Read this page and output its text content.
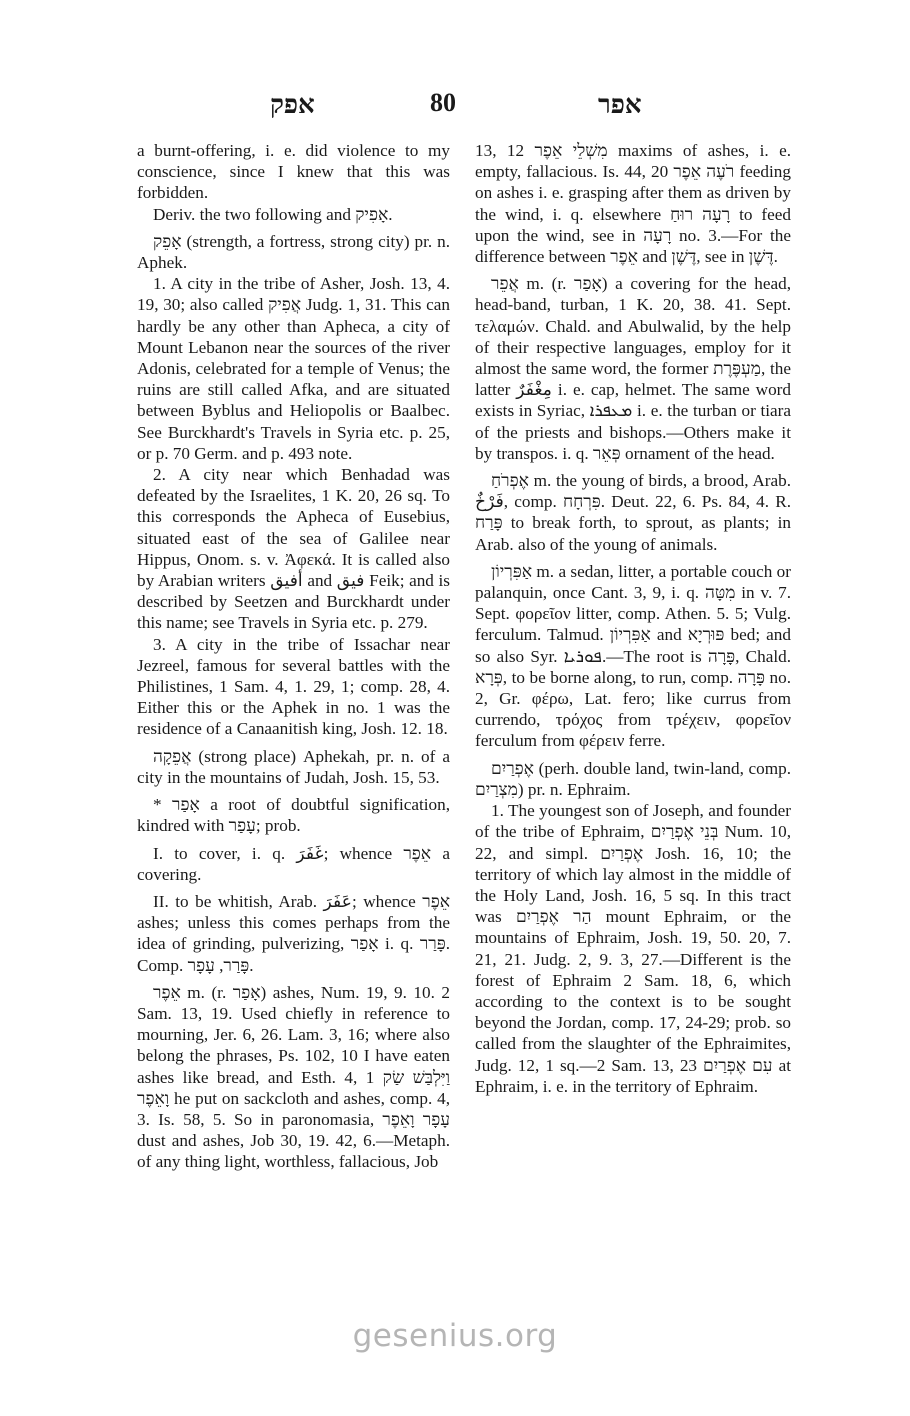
אפק	80	אפר

a burnt-offering, i. e. did violence to my conscience, since I knew that this was forbidden.

Deriv. the two following and אָפִיק.

אָפֵק (strength, a fortress, strong city) pr. n. Aphek.

1. A city in the tribe of Asher, Josh. 13, 4. 19, 30; also called אֲפִיק Judg. 1, 31. This can hardly be any other than Apheca, a city of Mount Lebanon near the sources of the river Adonis, celebrated for a temple of Venus; the ruins are still called Afka, and are situated between Byblus and Heliopolis or Baalbec. See Burckhardt's Travels in Syria etc. p. 25, or p. 70 Germ. and p. 493 note.

2. A city near which Benhadad was defeated by the Israelites, 1 K. 20, 26 sq. To this corresponds the Apheca of Eusebius, situated east of the sea of Galilee near Hippus, Onom. s. v. Ἀφεκά. It is called also by Arabian writers أفيق and فيق Feik; and is described by Seetzen and Burckhardt under this name; see Travels in Syria etc. p. 279.

3. A city in the tribe of Issachar near Jezreel, famous for several battles with the Philistines, 1 Sam. 4, 1. 29, 1; comp. 28, 4. Either this or the Aphek in no. 1 was the residence of a Canaanitish king, Josh. 12. 18.

אֲפֵקָה (strong place) Aphekah, pr. n. of a city in the mountains of Judah, Josh. 15, 53.

* אָפַר a root of doubtful signification, kindred with עָפַר; prob.

I. to cover, i. q. غَفَرَ; whence אֵפֶר a covering.

II. to be whitish, Arab. عَفَرَ; whence אֵפֶר ashes; unless this comes perhaps from the idea of grinding, pulverizing, אָפַר i. q. פָּרַר. Comp. פָּרַר, עָפָר.

אֵפֶר m. (r. אָפַר) ashes, Num. 19, 9. 10. 2 Sam. 13, 19. Used chiefly in reference to mourning, Jer. 6, 26. Lam. 3, 16; where also belong the phrases, Ps. 102, 10 I have eaten ashes like bread, and Esth. 4, 1 וַיִּלְבַּשׁ שַׂק וָאֵפֶר he put on sackcloth and ashes, comp. 4, 3. Is. 58, 5. So in paronomasia, עָפָר וָאֵפֶר dust and ashes, Job 30, 19. 42, 6.—Metaph. of any thing light, worthless, fallacious, Job

13, 12 מִשְׁלֵי אֵפֶר maxims of ashes, i. e. empty, fallacious. Is. 44, 20 רֹעֶה אֵפֶר feeding on ashes i. e. grasping after them as driven by the wind, i. q. elsewhere רָעָה רוּחַ to feed upon the wind, see in רָעָה no. 3.—For the difference between אֵפֶר and דֶּשֶׁן, see in דֶּשֶׁן.

אֲפֵר m. (r. אָפַר) a covering for the head, head-band, turban, 1 K. 20, 38. 41. Sept. τελαμών. Chald. and Abulwalid, by the help of their respective languages, employ for it almost the same word, the former מַעְפֶּרֶת, the latter مِغْفَرٌ i. e. cap, helmet. The same word exists in Syriac, ܡܥܦܪܐ i. e. the turban or tiara of the priests and bishops.—Others make it by transpos. i. q. פְּאֵר ornament of the head.

אֶפְרֹחַ m. the young of birds, a brood, Arab. فَرْخٌ, comp. פִּרְחָח. Deut. 22, 6. Ps. 84, 4. R. פָּרַח to break forth, to sprout, as plants; in Arab. also of the young of animals.

אַפִּרְיוֹן m. a sedan, litter, a portable couch or palanquin, once Cant. 3, 9, i. q. מִטָּה in v. 7. Sept. φορεῖον litter, comp. Athen. 5. 5; Vulg. ferculum. Talmud. אַפִּרְיוֹן and פּוּרְיָא bed; and so also Syr. ܦܘܪܝܐ.—The root is פָּרָה, Chald. פְּרָא, to be borne along, to run, comp. פָּרָה no. 2, Gr. φέρω, Lat. fero; like currus from currendo, τρόχος from τρέχειν, φορεῖον ferculum from φέρειν ferre.

אֶפְרַיִם (perh. double land, twin-land, comp. מִצְרַיִם) pr. n. Ephraim.

1. The youngest son of Joseph, and founder of the tribe of Ephraim, בְּנֵי אֶפְרַיִם Num. 10, 22, and simpl. אֶפְרַיִם Josh. 16, 10; the territory of which lay almost in the middle of the Holy Land, Josh. 16, 5 sq. In this tract was הַר אֶפְרַיִם mount Ephraim, or the mountains of Ephraim, Josh. 19, 50. 20, 7. 21, 21. Judg. 2, 9. 3, 27.—Different is the forest of Ephraim 2 Sam. 18, 6, which according to the context is to be sought beyond the Jordan, comp. 17, 24-29; prob. so called from the slaughter of the Ephraimites, Judg. 12, 1 sq.—2 Sam. 13, 23 עִם אֶפְרַיִם at Ephraim, i. e. in the territory of Ephraim.

gesenius.org
